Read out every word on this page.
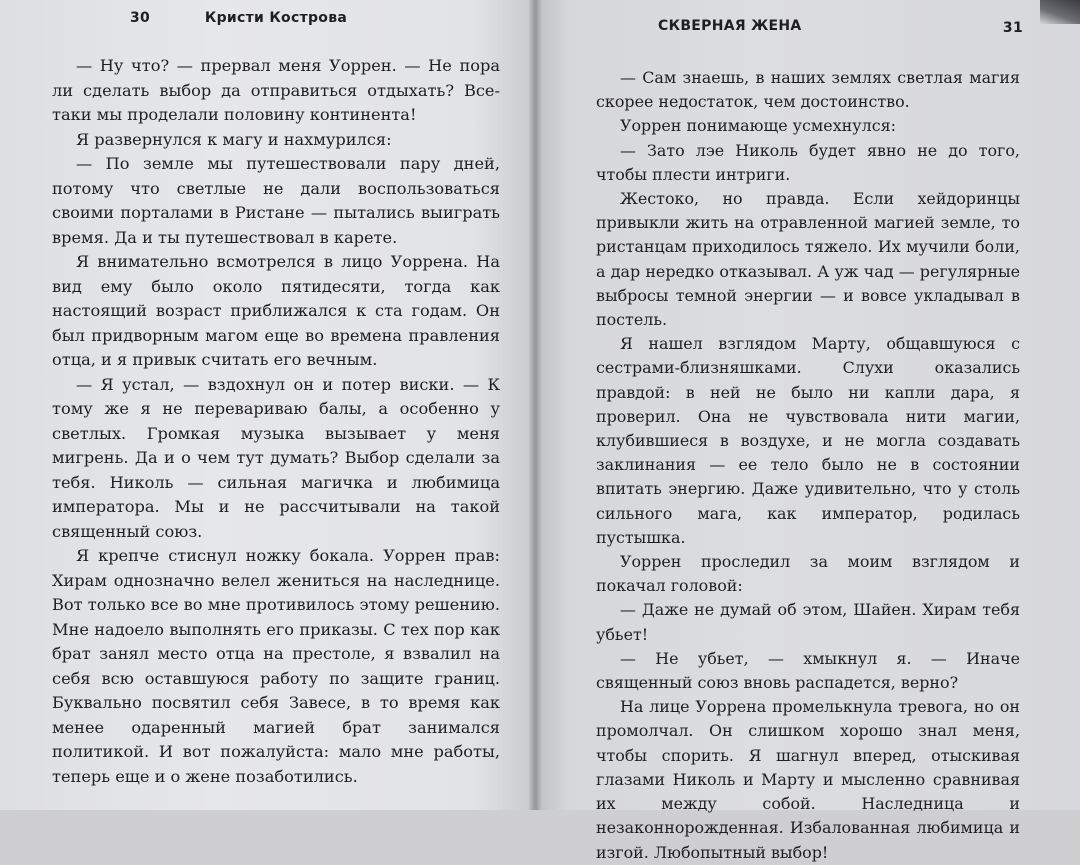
30	Кристи Кострова

— Ну что? — прервал меня Уоррен. — Не пора ли сделать выбор да отправиться отдыхать? Все-таки мы проделали половину континента!

Я развернулся к магу и нахмурился:

— По земле мы путешествовали пару дней, потому что светлые не дали воспользоваться своими порталами в Ристане — пытались выиграть время. Да и ты путешествовал в карете.

Я внимательно всмотрелся в лицо Уоррена. На вид ему было около пятидесяти, тогда как настоящий возраст приближался к ста годам. Он был придворным магом еще во времена правления отца, и я привык считать его вечным.

— Я устал, — вздохнул он и потер виски. — К тому же я не перевариваю балы, а особенно у светлых. Громкая музыка вызывает у меня мигрень. Да и о чем тут думать? Выбор сделали за тебя. Николь — сильная магичка и любимица императора. Мы и не рассчитывали на такой священный союз.

Я крепче стиснул ножку бокала. Уоррен прав: Хирам однозначно велел жениться на наследнице. Вот только все во мне противилось этому решению. Мне надоело выполнять его приказы. С тех пор как брат занял место отца на престоле, я взвалил на себя всю оставшуюся работу по защите границ. Буквально посвятил себя Завесе, в то время как менее одаренный магией брат занимался политикой. И вот пожалуйста: мало мне работы, теперь еще и о жене позаботились.

СКВЕРНАЯ ЖЕНА	31

— Сам знаешь, в наших землях светлая магия скорее недостаток, чем достоинство.

Уоррен понимающе усмехнулся:

— Зато лэе Николь будет явно не до того, чтобы плести интриги.

Жестоко, но правда. Если хейдоринцы привыкли жить на отравленной магией земле, то ристанцам приходилось тяжело. Их мучили боли, а дар нередко отказывал. А уж чад — регулярные выбросы темной энергии — и вовсе укладывал в постель.

Я нашел взглядом Марту, общавшуюся с сестрами-близняшками. Слухи оказались правдой: в ней не было ни капли дара, я проверил. Она не чувствовала нити магии, клубившиеся в воздухе, и не могла создавать заклинания — ее тело было не в состоянии впитать энергию. Даже удивительно, что у столь сильного мага, как император, родилась пустышка.

Уоррен проследил за моим взглядом и покачал головой:

— Даже не думай об этом, Шайен. Хирам тебя убьет!

— Не убьет, — хмыкнул я. — Иначе священный союз вновь распадется, верно?

На лице Уоррена промелькнула тревога, но он промолчал. Он слишком хорошо знал меня, чтобы спорить. Я шагнул вперед, отыскивая глазами Николь и Марту и мысленно сравнивая их между собой. Наследница и незаконнорожденная. Избалованная любимица и изгой. Любопытный выбор!
